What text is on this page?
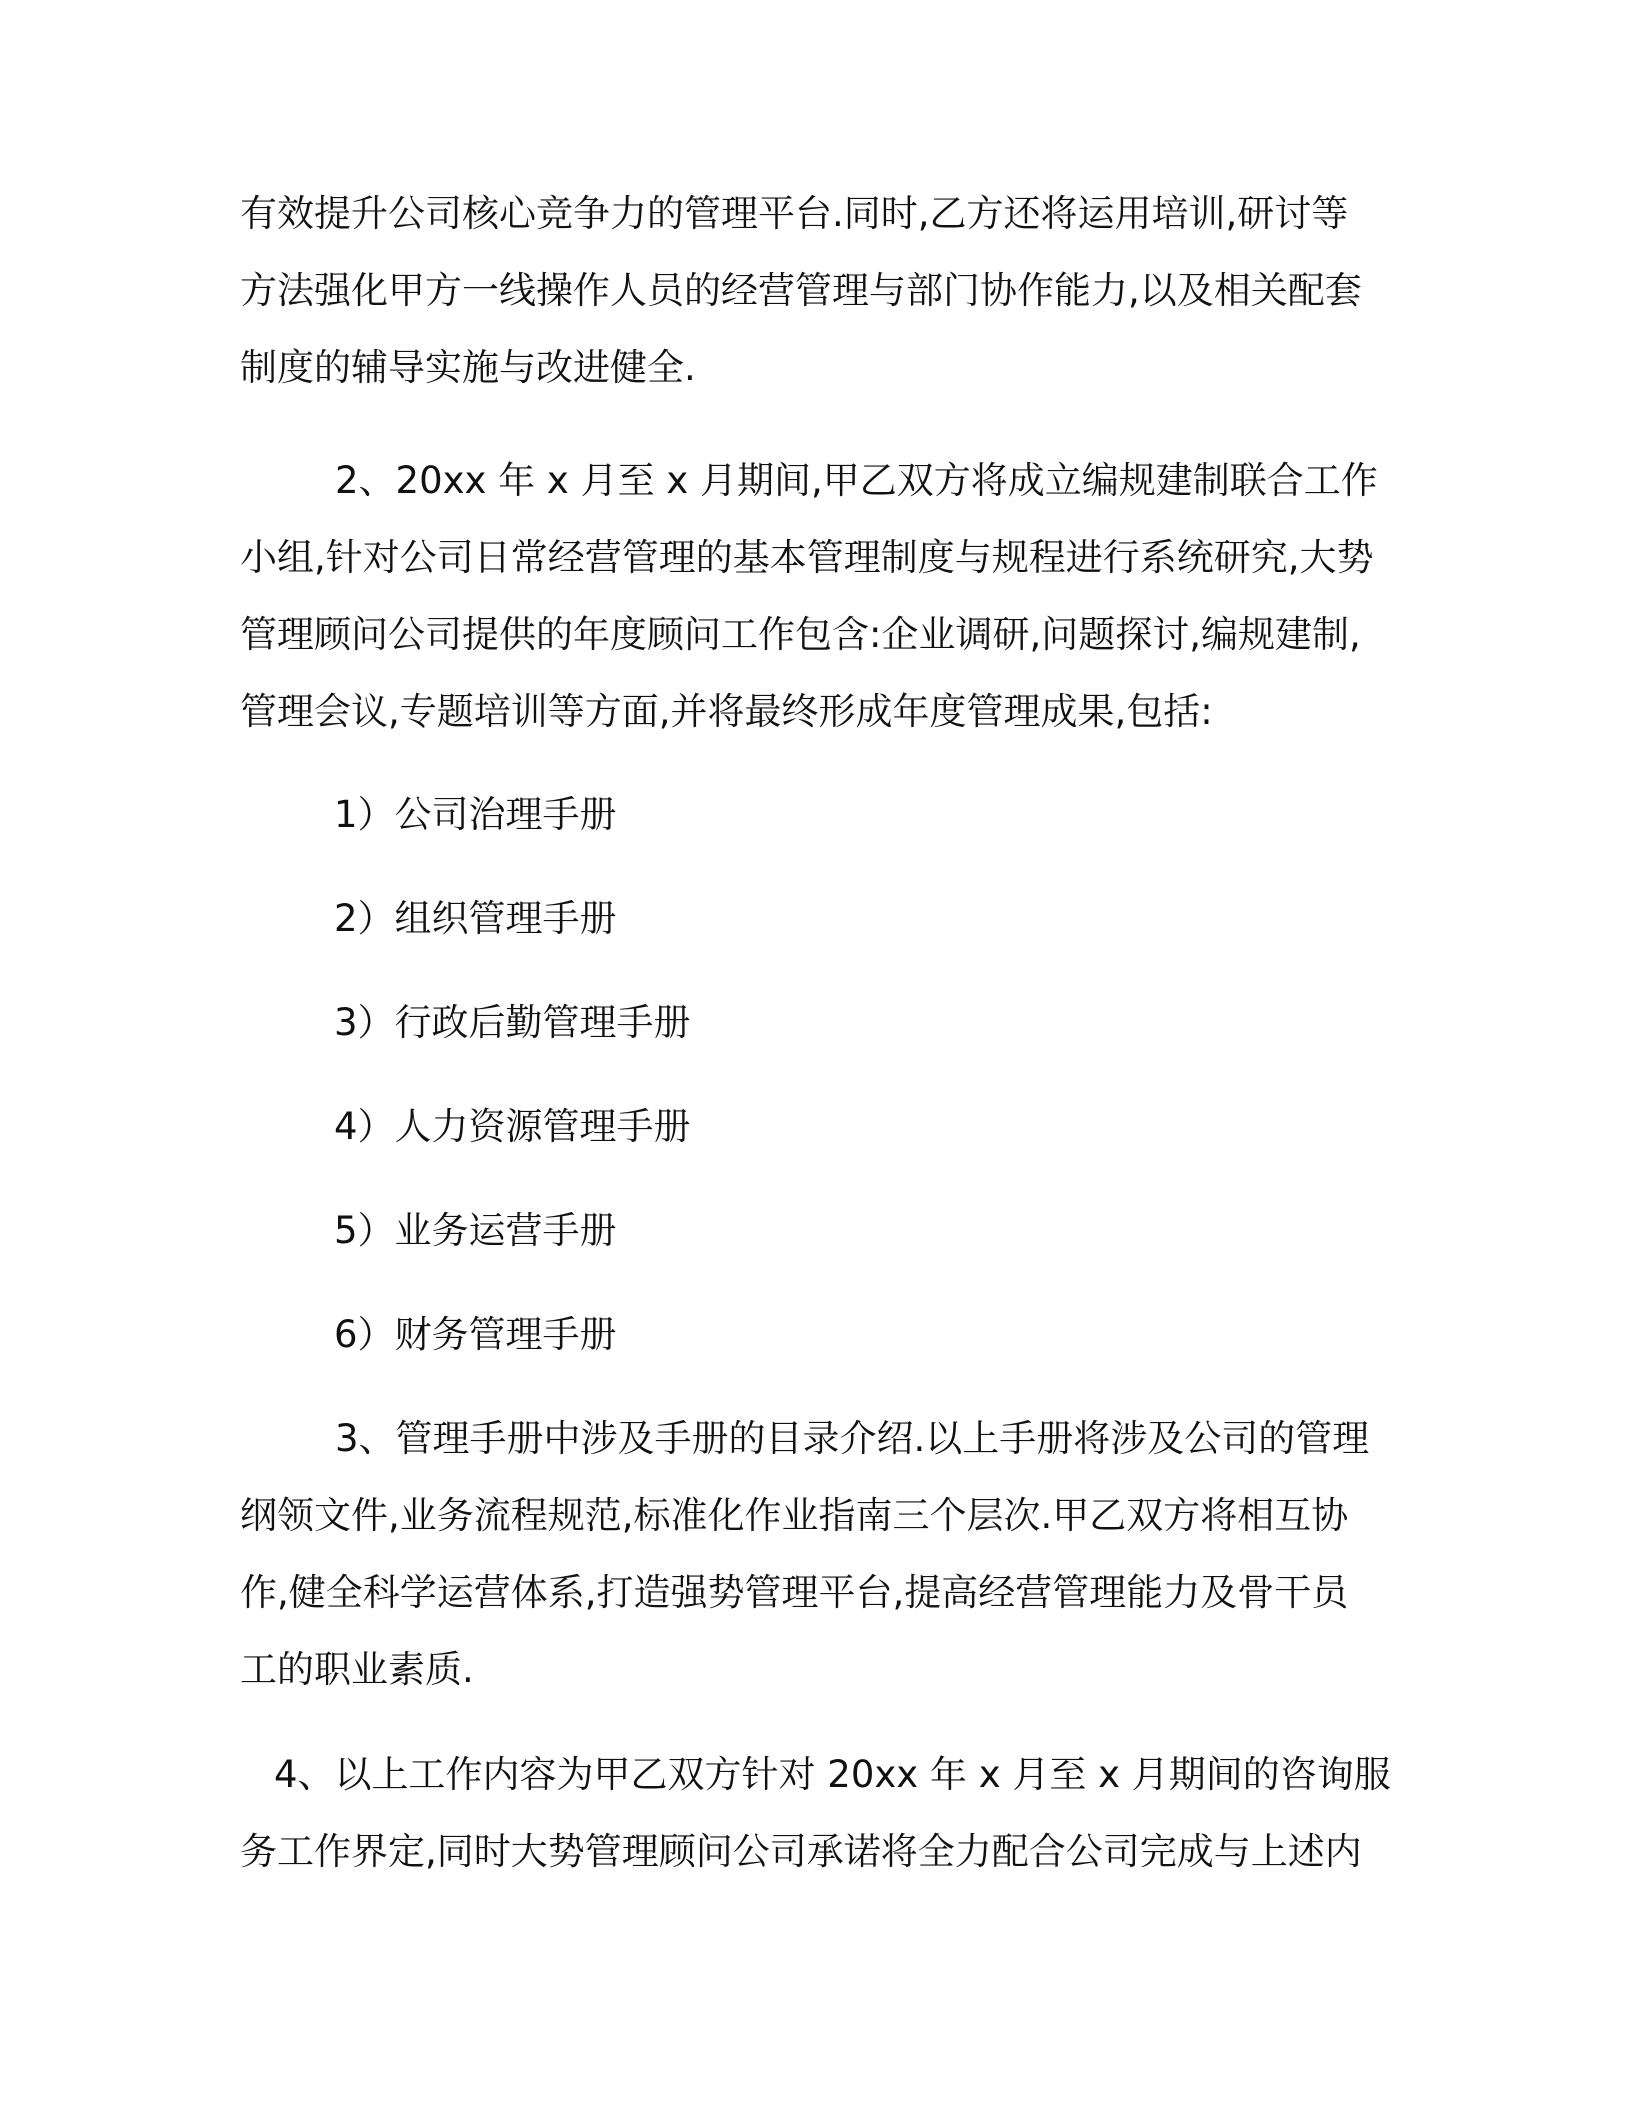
有效提升公司核心竞争力的管理平台.同时,乙方还将运用培训,研讨等
方法强化甲方一线操作人员的经营管理与部门协作能力,以及相关配套
制度的辅导实施与改进健全.
2、20xx 年 x 月至 x 月期间,甲乙双方将成立编规建制联合工作
小组,针对公司日常经营管理的基本管理制度与规程进行系统研究,大势
管理顾问公司提供的年度顾问工作包含:企业调研,问题探讨,编规建制,
管理会议,专题培训等方面,并将最终形成年度管理成果,包括:
1）公司治理手册
2）组织管理手册
3）行政后勤管理手册
4）人力资源管理手册
5）业务运营手册
6）财务管理手册
3、管理手册中涉及手册的目录介绍.以上手册将涉及公司的管理
纲领文件,业务流程规范,标准化作业指南三个层次.甲乙双方将相互协
作,健全科学运营体系,打造强势管理平台,提高经营管理能力及骨干员
工的职业素质.
4、以上工作内容为甲乙双方针对 20xx 年 x 月至 x 月期间的咨询服
务工作界定,同时大势管理顾问公司承诺将全力配合公司完成与上述内
